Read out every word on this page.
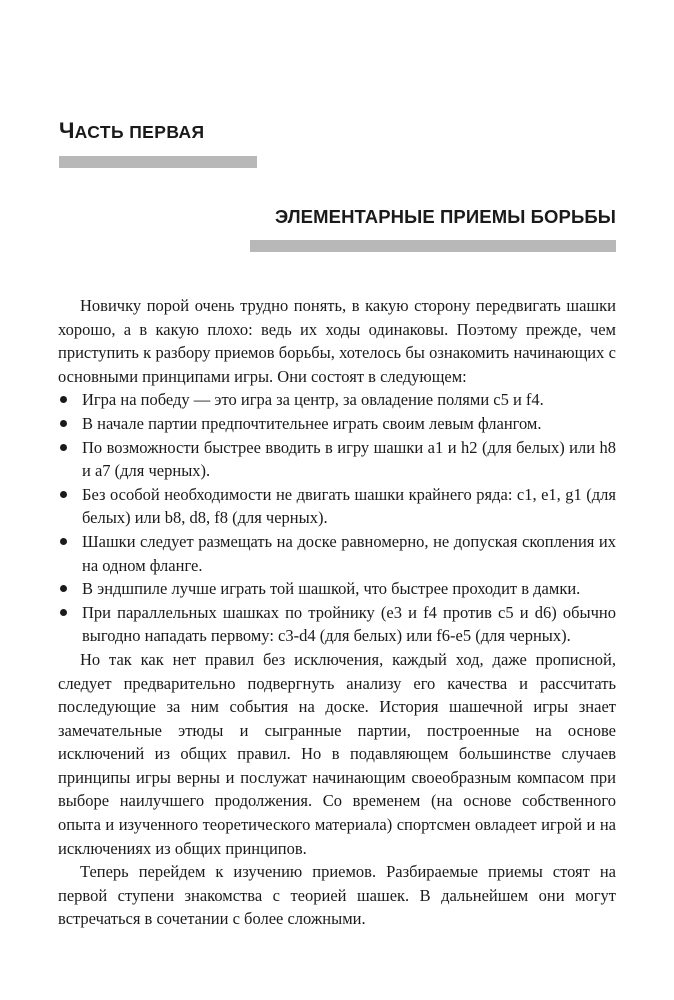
ЧАСТЬ ПЕРВАЯ
ЭЛЕМЕНТАРНЫЕ ПРИЕМЫ БОРЬБЫ

Новичку порой очень трудно понять, в какую сторону передвигать шашки хорошо, а в какую плохо: ведь их ходы одинаковы. Поэтому прежде, чем приступить к разбору приемов борьбы, хотелось бы ознакомить начинающих с основными принципами игры. Они состоят в следующем:

Игра на победу — это игра за центр, за овладение полями с5 и f4.
В начале партии предпочтительнее играть своим левым флангом.
По возможности быстрее вводить в игру шашки а1 и h2 (для белых) или h8 и а7 (для черных).
Без особой необходимости не двигать шашки крайнего ряда: с1, е1, g1 (для белых) или b8, d8, f8 (для черных).
Шашки следует размещать на доске равномерно, не допуская скопления их на одном фланге.
В эндшпиле лучше играть той шашкой, что быстрее проходит в дамки.
При параллельных шашках по тройнику (е3 и f4 против с5 и d6) обычно выгодно нападать первому: с3-d4 (для белых) или f6-е5 (для черных).

Но так как нет правил без исключения, каждый ход, даже прописной, следует предварительно подвергнуть анализу его качества и рассчитать последующие за ним события на доске. История шашечной игры знает замечательные этюды и сыгранные партии, построенные на основе исключений из общих правил. Но в подавляющем большинстве случаев принципы игры верны и послужат начинающим своеобразным компасом при выборе наилучшего продолжения. Со временем (на основе собственного опыта и изученного теоретического материала) спортсмен овладеет игрой и на исключениях из общих принципов.

Теперь перейдем к изучению приемов. Разбираемые приемы стоят на первой ступени знакомства с теорией шашек. В дальнейшем они могут встречаться в сочетании с более сложными.
